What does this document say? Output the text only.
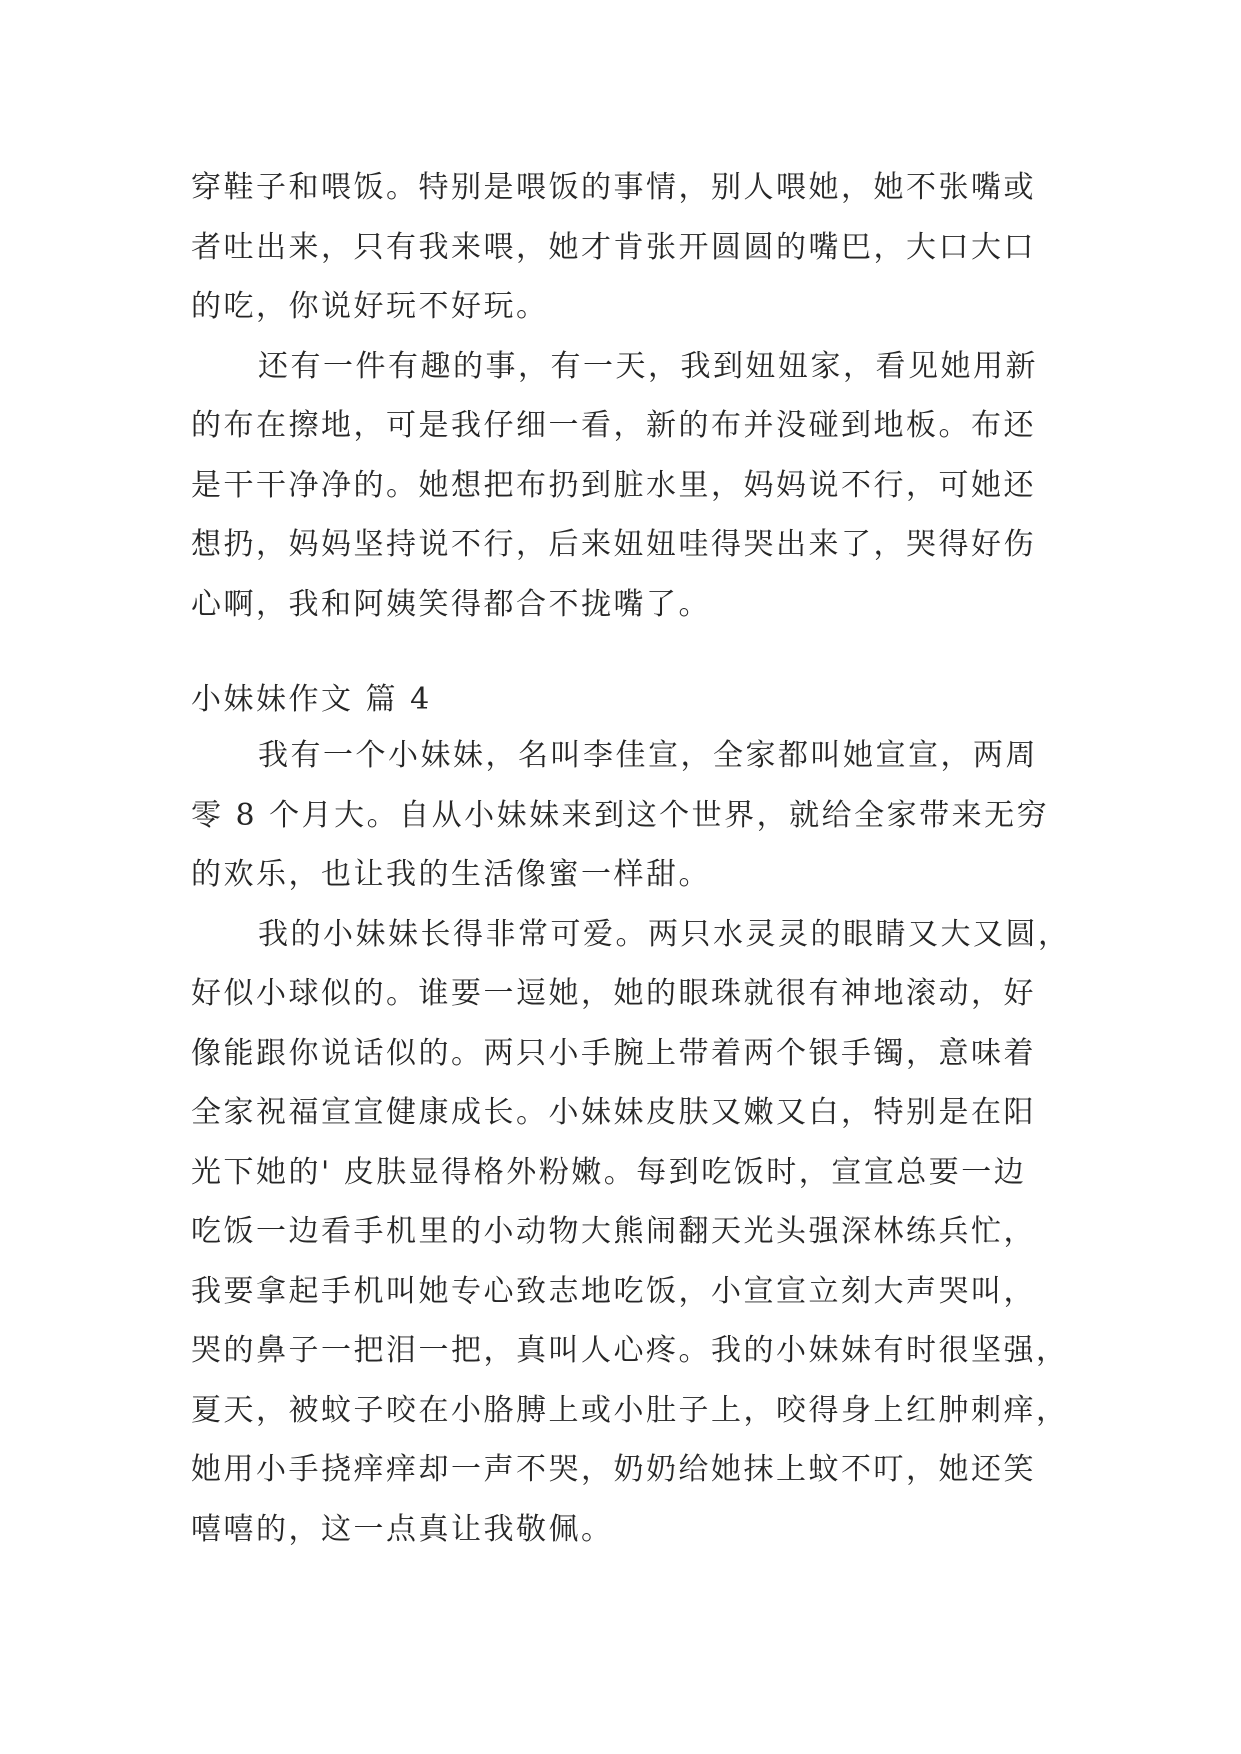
穿鞋子和喂饭。特别是喂饭的事情，别人喂她，她不张嘴或
者吐出来，只有我来喂，她才肯张开圆圆的嘴巴，大口大口
的吃，你说好玩不好玩。
还有一件有趣的事，有一天，我到妞妞家，看见她用新
的布在擦地，可是我仔细一看，新的布并没碰到地板。布还
是干干净净的。她想把布扔到脏水里，妈妈说不行，可她还
想扔，妈妈坚持说不行，后来妞妞哇得哭出来了，哭得好伤
心啊，我和阿姨笑得都合不拢嘴了。
小妹妹作文 篇 4
我有一个小妹妹，名叫李佳宣，全家都叫她宣宣，两周
零 8 个月大。自从小妹妹来到这个世界，就给全家带来无穷
的欢乐，也让我的生活像蜜一样甜。
我的小妹妹长得非常可爱。两只水灵灵的眼睛又大又圆，
好似小球似的。谁要一逗她，她的眼珠就很有神地滚动，好
像能跟你说话似的。两只小手腕上带着两个银手镯，意味着
全家祝福宣宣健康成长。小妹妹皮肤又嫩又白，特别是在阳
光下她的' 皮肤显得格外粉嫩。每到吃饭时，宣宣总要一边
吃饭一边看手机里的小动物大熊闹翻天光头强深林练兵忙，
我要拿起手机叫她专心致志地吃饭，小宣宣立刻大声哭叫，
哭的鼻子一把泪一把，真叫人心疼。我的小妹妹有时很坚强，
夏天，被蚊子咬在小胳膊上或小肚子上，咬得身上红肿刺痒，
她用小手挠痒痒却一声不哭，奶奶给她抹上蚊不叮，她还笑
嘻嘻的，这一点真让我敬佩。
